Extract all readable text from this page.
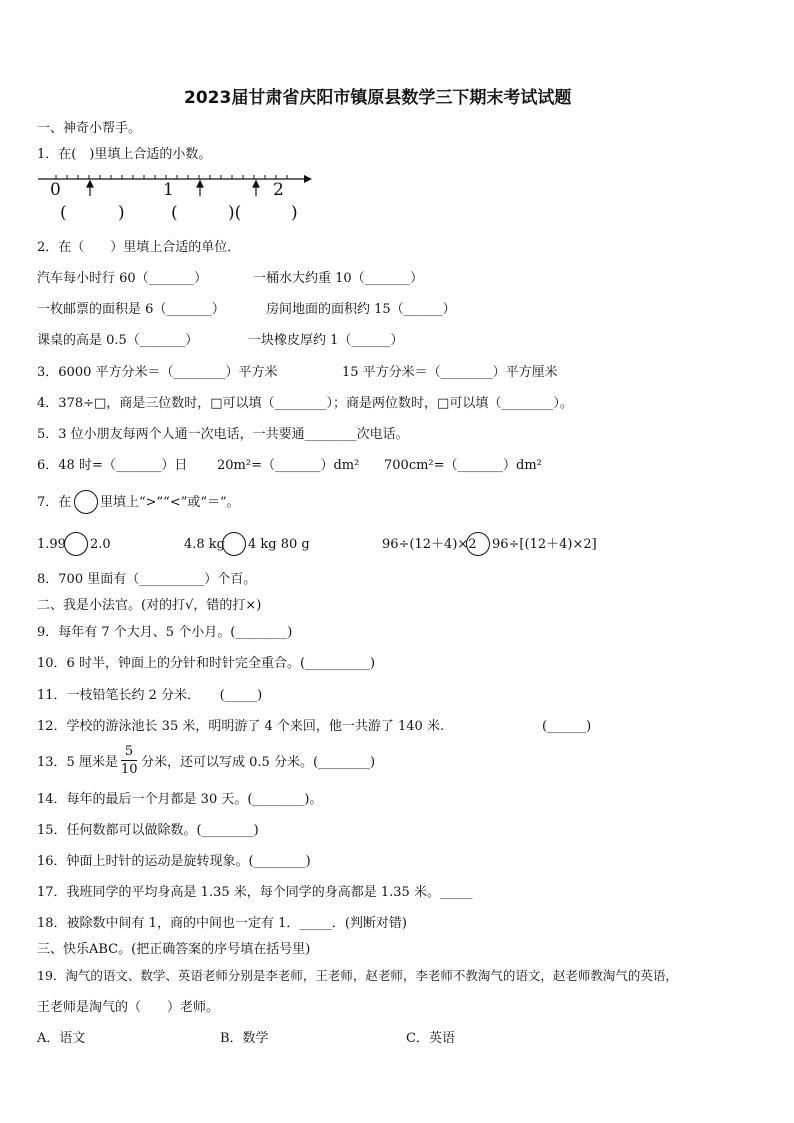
2023届甘肃省庆阳市镇原县数学三下期末考试试题
一、神奇小帮手。
1．在(　)里填上合适的小数。
0	1	2
(	)	(	)(	)
2．在（　　）里填上合适的单位．
汽车每小时行 60（_______）	一桶水大约重 10（_______）
一枚邮票的面积是 6（_______）	房间地面的面积约 15（______）
课桌的高是 0.5（_______）	一块橡皮厚约 1（______）
3．6000 平方分米＝（________）平方米	15 平方分米＝（________）平方厘米
4．378÷□，商是三位数时，□可以填（________）；商是两位数时，□可以填（________）。
5．3 位小朋友每两个人通一次电话，一共要通________次电话。
6．48 时=（_______）日 20m²=（_______）dm² 700cm²=（_______）dm²
7．在 里填上“>”“<”或“＝”。
1.99 2.0	4.8 kg 4 kg 80 g	96÷(12＋4)×2 96÷[(12＋4)×2]
8．700 里面有（__________）个百。
二、我是小法官。(对的打√，错的打×)
9．每年有 7 个大月、5 个小月。(________)
10．6 时半，钟面上的分针和时针完全重合。(__________)
11．一枝铅笔长约 2 分米．　　(_____)
12．学校的游泳池长 35 米，明明游了 4 个来回，他一共游了 140 米.	(______)
13．5 厘米是
5
10 分米，还可以写成 0.5 分米。(________)
14．每年的最后一个月都是 30 天。(________)。
15．任何数都可以做除数。(________)
16．钟面上时针的运动是旋转现象。(________)
17．我班同学的平均身高是 1.35 米，每个同学的身高都是 1.35 米。_____
18．被除数中间有 1，商的中间也一定有 1．_____．(判断对错)
三、快乐ABC。(把正确答案的序号填在括号里)
19．淘气的语文、数学、英语老师分别是李老师，王老师，赵老师，李老师不教淘气的语文，赵老师教淘气的英语，
王老师是淘气的（　　）老师。
A．语文	B．数学	C．英语
